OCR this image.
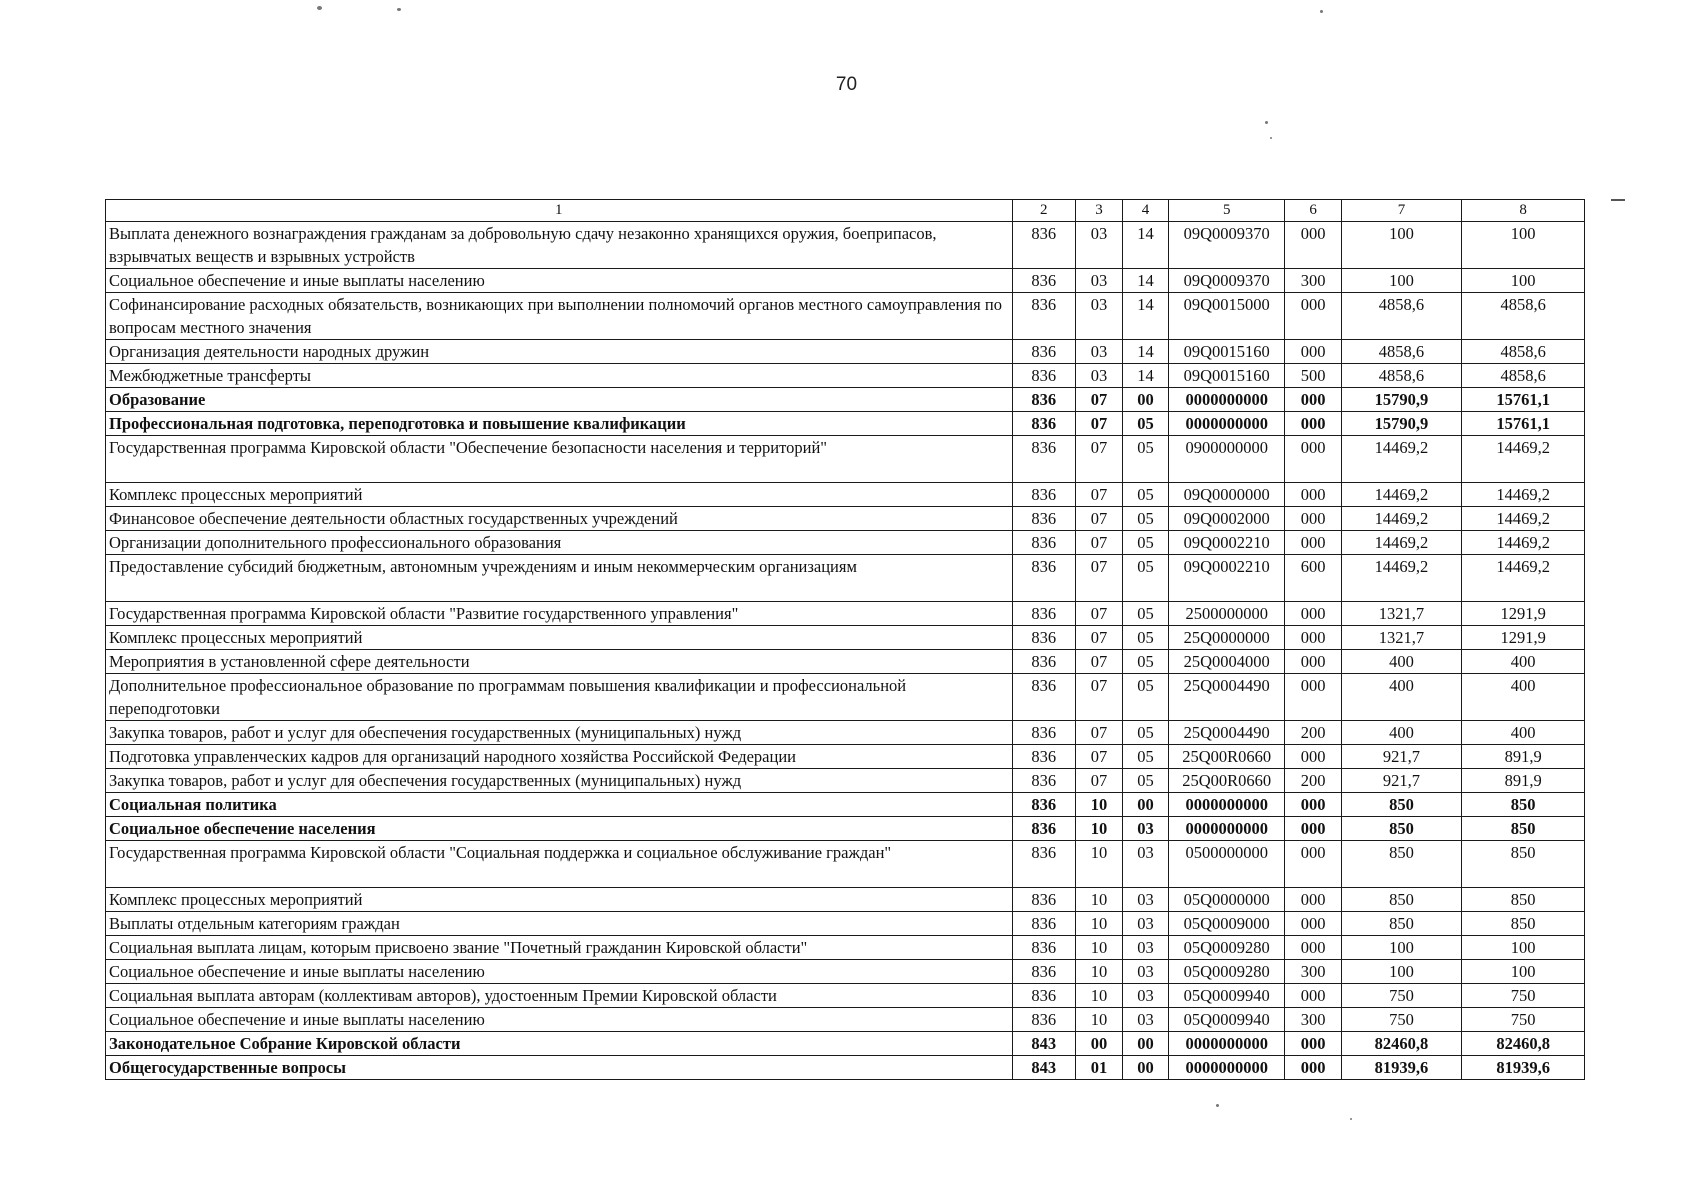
70
1	2	3	4	5	6	7	8
Выплата денежного вознаграждения гражданам за добровольную сдачу незаконно хранящихся оружия, боеприпасов, взрывчатых веществ и взрывных устройств	836	03	14	09Q0009370	000	100	100
Социальное обеспечение и иные выплаты населению	836	03	14	09Q0009370	300	100	100
Софинансирование расходных обязательств, возникающих при выполнении полномочий органов местного самоуправления по вопросам местного значения	836	03	14	09Q0015000	000	4858,6	4858,6
Организация деятельности народных дружин	836	03	14	09Q0015160	000	4858,6	4858,6
Межбюджетные трансферты	836	03	14	09Q0015160	500	4858,6	4858,6
Образование	836	07	00	0000000000	000	15790,9	15761,1
Профессиональная подготовка, переподготовка и повышение квалификации	836	07	05	0000000000	000	15790,9	15761,1
Государственная программа Кировской области "Обеспечение безопасности населения и территорий"	836	07	05	0900000000	000	14469,2	14469,2
Комплекс процессных мероприятий	836	07	05	09Q0000000	000	14469,2	14469,2
Финансовое обеспечение деятельности областных государственных учреждений	836	07	05	09Q0002000	000	14469,2	14469,2
Организации дополнительного профессионального образования	836	07	05	09Q0002210	000	14469,2	14469,2
Предоставление субсидий бюджетным, автономным учреждениям и иным некоммерческим организациям	836	07	05	09Q0002210	600	14469,2	14469,2
Государственная программа Кировской области "Развитие государственного управления"	836	07	05	2500000000	000	1321,7	1291,9
Комплекс процессных мероприятий	836	07	05	25Q0000000	000	1321,7	1291,9
Мероприятия в установленной сфере деятельности	836	07	05	25Q0004000	000	400	400
Дополнительное профессиональное образование по программам повышения квалификации и профессиональной переподготовки	836	07	05	25Q0004490	000	400	400
Закупка товаров, работ и услуг для обеспечения государственных (муниципальных) нужд	836	07	05	25Q0004490	200	400	400
Подготовка управленческих кадров для организаций народного хозяйства Российской Федерации	836	07	05	25Q00R0660	000	921,7	891,9
Закупка товаров, работ и услуг для обеспечения государственных (муниципальных) нужд	836	07	05	25Q00R0660	200	921,7	891,9
Социальная политика	836	10	00	0000000000	000	850	850
Социальное обеспечение населения	836	10	03	0000000000	000	850	850
Государственная программа Кировской области "Социальная поддержка и социальное обслуживание граждан"	836	10	03	0500000000	000	850	850
Комплекс процессных мероприятий	836	10	03	05Q0000000	000	850	850
Выплаты отдельным категориям граждан	836	10	03	05Q0009000	000	850	850
Социальная выплата лицам, которым присвоено звание "Почетный гражданин Кировской области"	836	10	03	05Q0009280	000	100	100
Социальное обеспечение и иные выплаты населению	836	10	03	05Q0009280	300	100	100
Социальная выплата авторам (коллективам авторов), удостоенным Премии Кировской области	836	10	03	05Q0009940	000	750	750
Социальное обеспечение и иные выплаты населению	836	10	03	05Q0009940	300	750	750
Законодательное Собрание Кировской области	843	00	00	0000000000	000	82460,8	82460,8
Общегосударственные вопросы	843	01	00	0000000000	000	81939,6	81939,6
